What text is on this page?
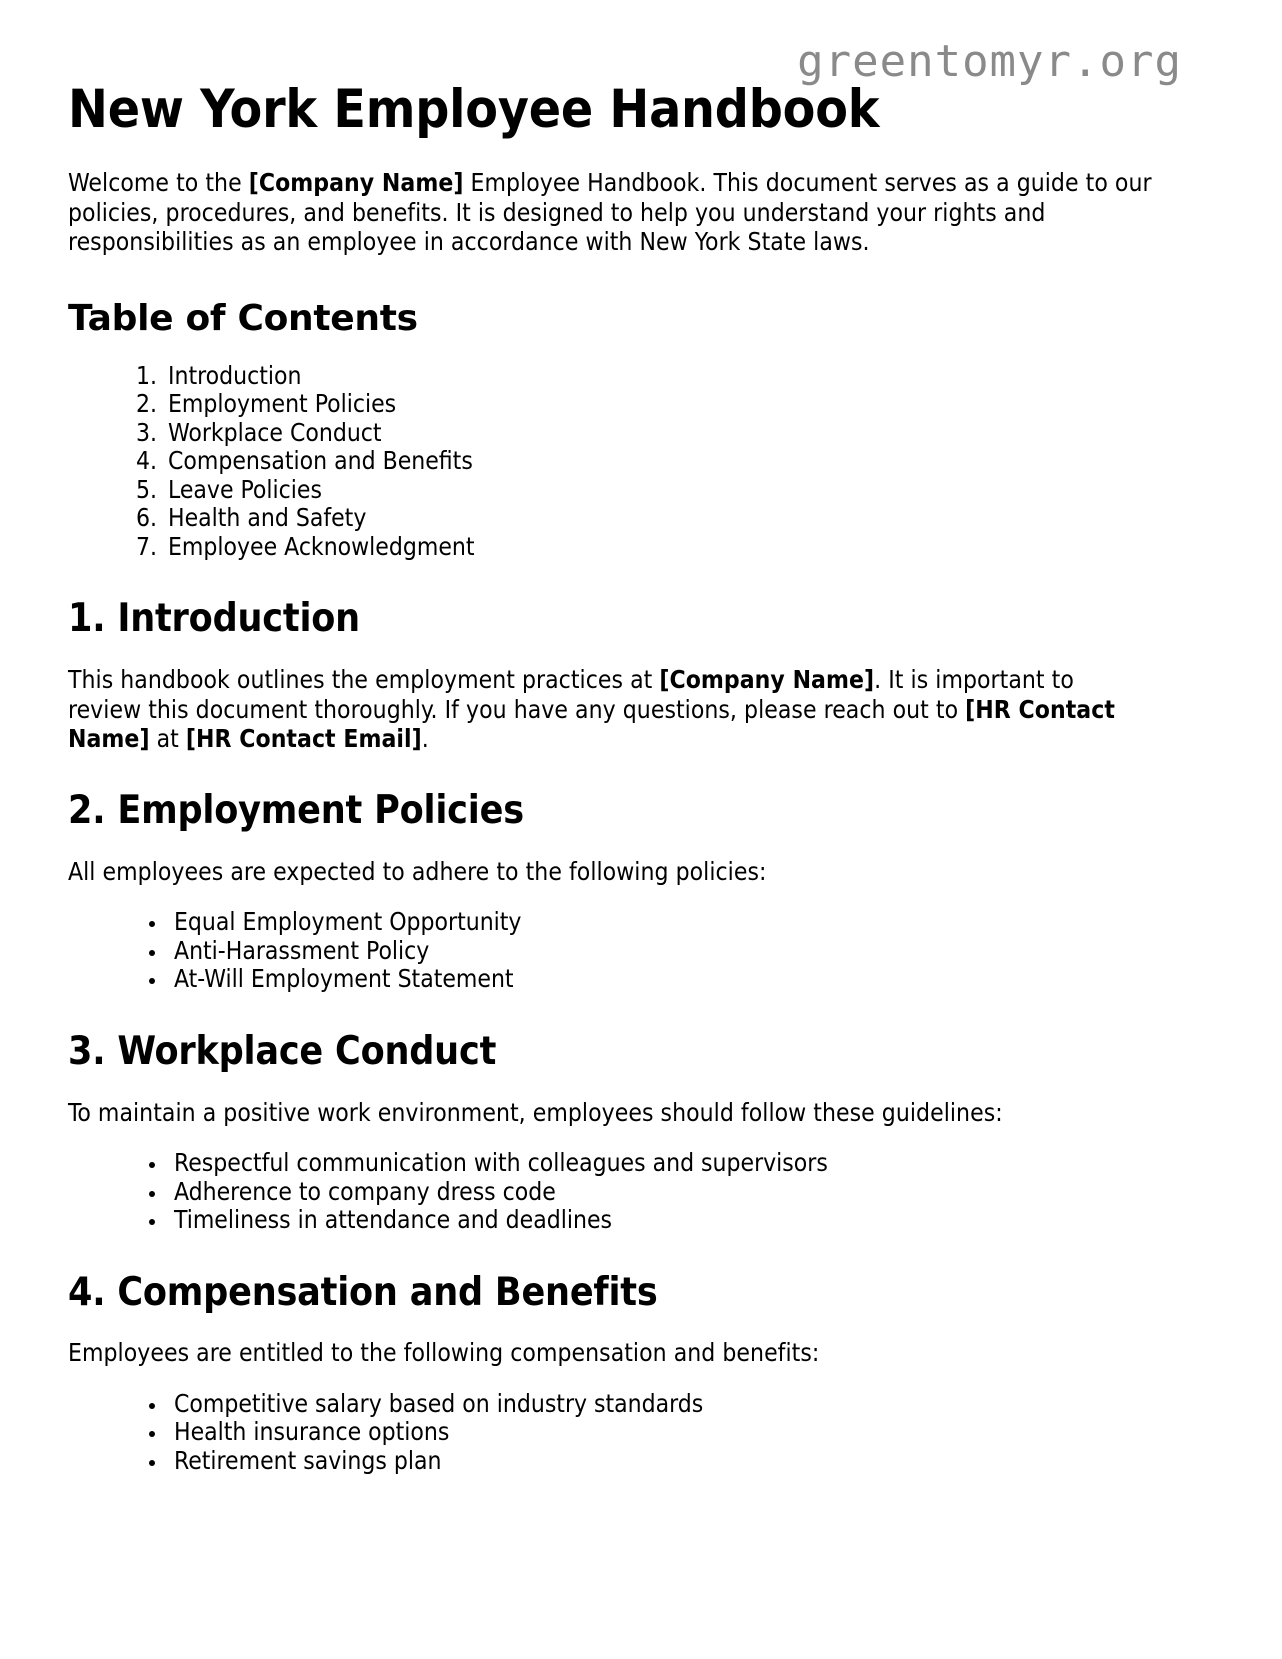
greentomyr.org
New York Employee Handbook

Welcome to the [Company Name] Employee Handbook. This document serves as a guide to our policies, procedures, and benefits. It is designed to help you understand your rights and responsibilities as an employee in accordance with New York State laws.

Table of Contents
1. Introduction
2. Employment Policies
3. Workplace Conduct
4. Compensation and Benefits
5. Leave Policies
6. Health and Safety
7. Employee Acknowledgment
1. Introduction

This handbook outlines the employment practices at [Company Name]. It is important to review this document thoroughly. If you have any questions, please reach out to [HR Contact Name] at [HR Contact Email].

2. Employment Policies

All employees are expected to adhere to the following policies:

• Equal Employment Opportunity
• Anti-Harassment Policy
• At-Will Employment Statement
3. Workplace Conduct

To maintain a positive work environment, employees should follow these guidelines:

• Respectful communication with colleagues and supervisors
• Adherence to company dress code
• Timeliness in attendance and deadlines
4. Compensation and Benefits

Employees are entitled to the following compensation and benefits:

• Competitive salary based on industry standards
• Health insurance options
• Retirement savings plan
